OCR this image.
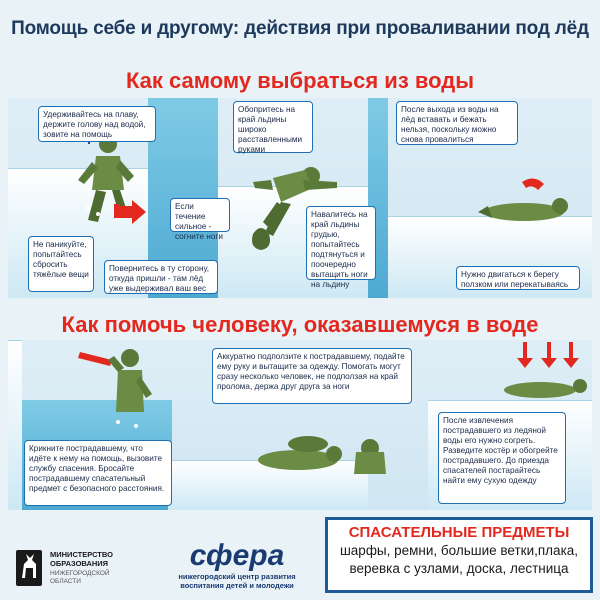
Помощь себе и другому: действия при проваливании под лёд
Как самому выбраться из воды
Удерживайтесь на плаву, держите голову над водой, зовите на помощь
Обопритесь на край льдины широко расставленными руками
После выхода из воды на лёд вставать и бежать нельзя, поскольку можно снова провалиться
Если течение сильное - согните ноги
Навалитесь на край льдины грудью, попытайтесь подтянуться и поочередно вытащить ноги на льдину
Не паникуйте, попытайтесь сбросить тяжёлые вещи
Повернитесь в ту сторону, откуда пришли - там лёд уже выдерживал ваш вес
Нужно двигаться к берегу ползком или перекатываясь
Как помочь человеку, оказавшемуся в воде
Аккуратно подползите к пострадавшему, подайте ему руку и вытащите за одежду. Помогать могут сразу несколько человек, не подползая на край пролома, держа друг друга за ноги
Крикните пострадавшему, что идёте к нему на помощь, вызовите службу спасения. Бросайте пострадавшему спасательный предмет с безопасного расстояния.
После извлечения пострадавшего из ледяной воды его нужно согреть. Разведите костёр и обогрейте пострадавшего. До приезда спасателей постарайтесь найти ему сухую одежду
МИНИСТЕРСТВО
ОБРАЗОВАНИЯ
НИЖЕГОРОДСКОЙ
ОБЛАСТИ
сфера
нижегородский центр развития
воспитания детей и молодежи
СПАСАТЕЛЬНЫЕ ПРЕДМЕТЫ
шарфы, ремни, большие ветки,плака,
веревка с узлами, доска, лестница
